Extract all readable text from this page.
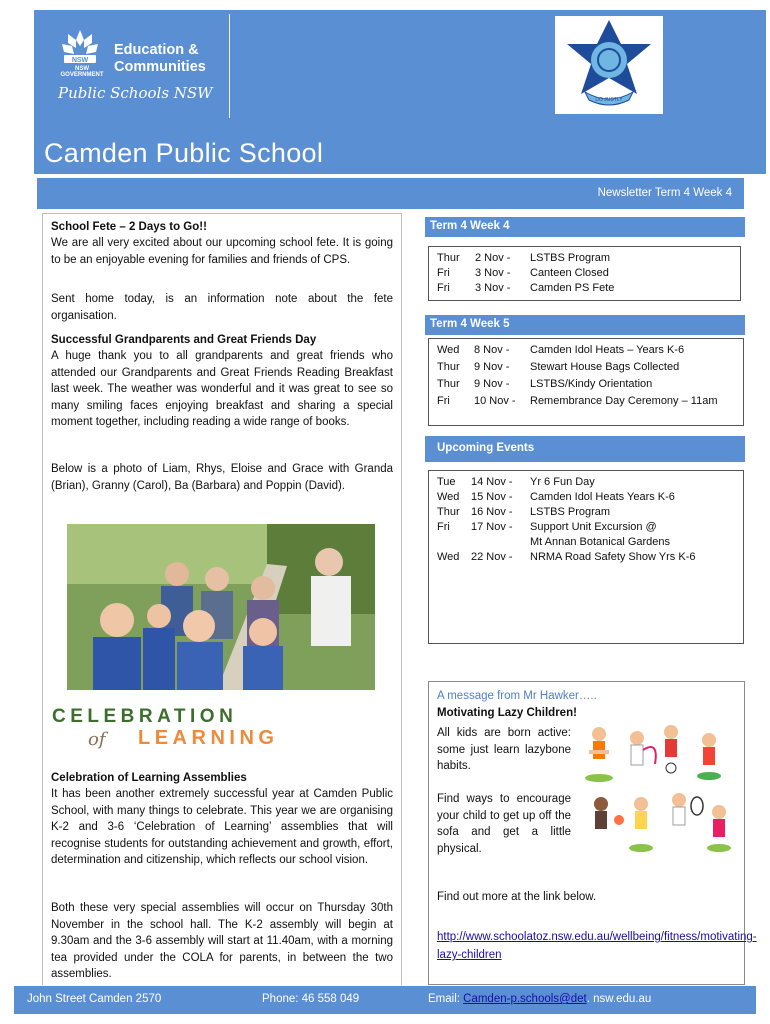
NSW
NSW GOVERNMENT
Education &
Communities
Public Schools NSW	DO JUSTLY
Camden Public School
Newsletter Term 4 Week 4
School Fete – 2 Days to Go!!
We are all very excited about our upcoming school fete. It is going to be an enjoyable evening for families and friends of CPS.
Sent home today, is an information note about the fete organisation.
Successful Grandparents and Great Friends Day
A huge thank you to all grandparents and great friends who attended our Grandparents and Great Friends Reading Breakfast last week. The weather was wonderful and it was great to see so many smiling faces enjoying breakfast and sharing a special moment together, including reading a wide range of books.
Below is a photo of Liam, Rhys, Eloise and Grace with Granda (Brian), Granny (Carol), Ba (Barbara) and Poppin (David).
Celebration of Learning Assemblies
It has been another extremely successful year at Camden Public School, with many things to celebrate. This year we are organising K-2 and 3-6 ‘Celebration of Learning’ assemblies that will recognise students for outstanding achievement and growth, effort, determination and citizenship, which reflects our school vision.
Both these very special assemblies will occur on Thursday 30th November in the school hall. The K-2 assembly will begin at 9.30am and the 3-6 assembly will start at 11.40am, with a morning tea provided under the COLA for parents, in between the two assemblies.
CELEBRATION
of LEARNING
Term 4 Week 4
Thur 2 Nov - LSTBS Program
Fri 3 Nov - Canteen Closed
Fri 3 Nov - Camden PS Fete
Term 4 Week 5
Wed 8 Nov - Camden Idol Heats – Years K-6
Thur 9 Nov - Stewart House Bags Collected
Thur 9 Nov - LSTBS/Kindy Orientation
Fri 10 Nov - Remembrance Day Ceremony – 11am
Upcoming Events
Tue 14 Nov - Yr 6 Fun Day
Wed 15 Nov - Camden Idol Heats Years K-6
Thur 16 Nov - LSTBS Program
Fri 17 Nov - Support Unit Excursion @
Mt Annan Botanical Gardens
Wed 22 Nov - NRMA Road Safety Show Yrs K-6
A message from Mr Hawker…..
Motivating Lazy Children!
All kids are born active: some just learn lazybone habits.
Find ways to encourage your child to get up off the sofa and get a little physical.
Find out more at the link below.
http://www.schoolatoz.nsw.edu.au/wellbeing/fitness/motivating-lazy-children
John Street Camden 2570	Phone: 46 558 049	Email: Camden-p.schools@det. nsw.edu.au
